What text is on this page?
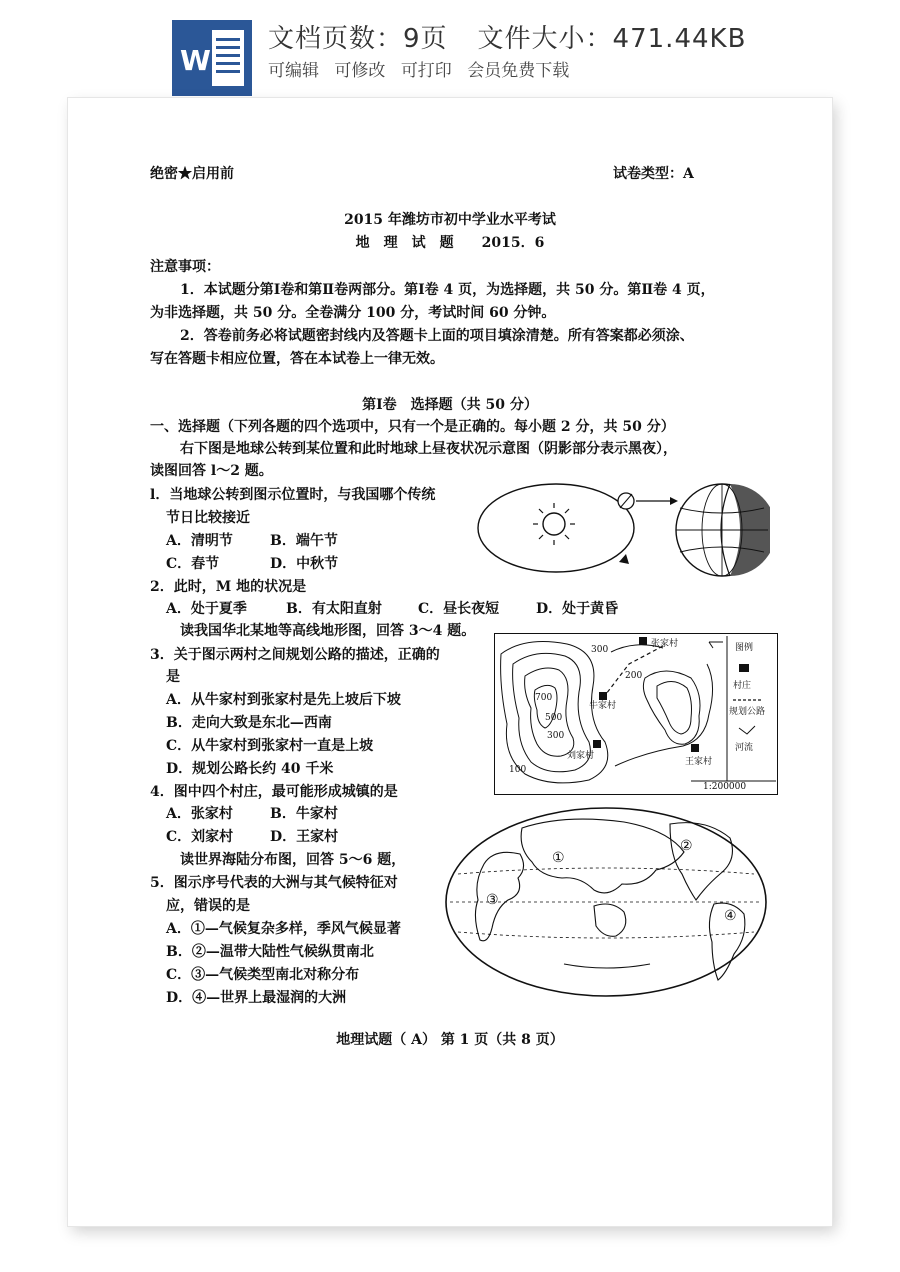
W
文档页数：9页 文件大小：471.44KB
可编辑 可修改 可打印 会员免费下载
绝密★启用前	试卷类型：A
2015 年潍坊市初中学业水平考试
地　理　试　题　　2015．6
注意事项：
1．本试题分第Ⅰ卷和第Ⅱ卷两部分。第Ⅰ卷 4 页，为选择题，共 50 分。第Ⅱ卷 4 页，
为非选择题，共 50 分。全卷满分 100 分，考试时间 60 分钟。
2．答卷前务必将试题密封线内及答题卡上面的项目填涂清楚。所有答案都必须涂、
写在答题卡相应位置，答在本试卷上一律无效。
第Ⅰ卷　选择题（共 50 分）
一、选择题（下列各题的四个选项中，只有一个是正确的。每小题 2 分，共 50 分）
右下图是地球公转到某位置和此时地球上昼夜状况示意图（阴影部分表示黑夜），
读图回答 l～2 题。
l．当地球公转到图示位置时，与我国哪个传统
节日比较接近
A．清明节	B．端午节
C．春节	D．中秋节
2．此时，M 地的状况是
A．处于夏季	B．有太阳直射	C．昼长夜短	D．处于黄昏
读我国华北某地等高线地形图，回答 3～4 题。
3．关于图示两村之间规划公路的描述，正确的
是
A．从牛家村到张家村是先上坡后下坡
B．走向大致是东北—西南
C．从牛家村到张家村一直是上坡
D．规划公路长约 40 千米
4．图中四个村庄，最可能形成城镇的是
A．张家村	B．牛家村
C．刘家村	D．王家村
读世界海陆分布图，回答 5～6 题，
5．图示序号代表的大洲与其气候特征对
应，错误的是
A．①—气候复杂多样，季风气候显著
B．②—温带大陆性气候纵贯南北
C．③—气候类型南北对称分布
D．④—世界上最湿润的大洲
地理试题（ A） 第 1 页（共 8 页）
300
200
700
500
300
100
张家村
牛家村
刘家村
王家村
1:200000
图例
村庄
规划公路
河流
①
②
③
④
